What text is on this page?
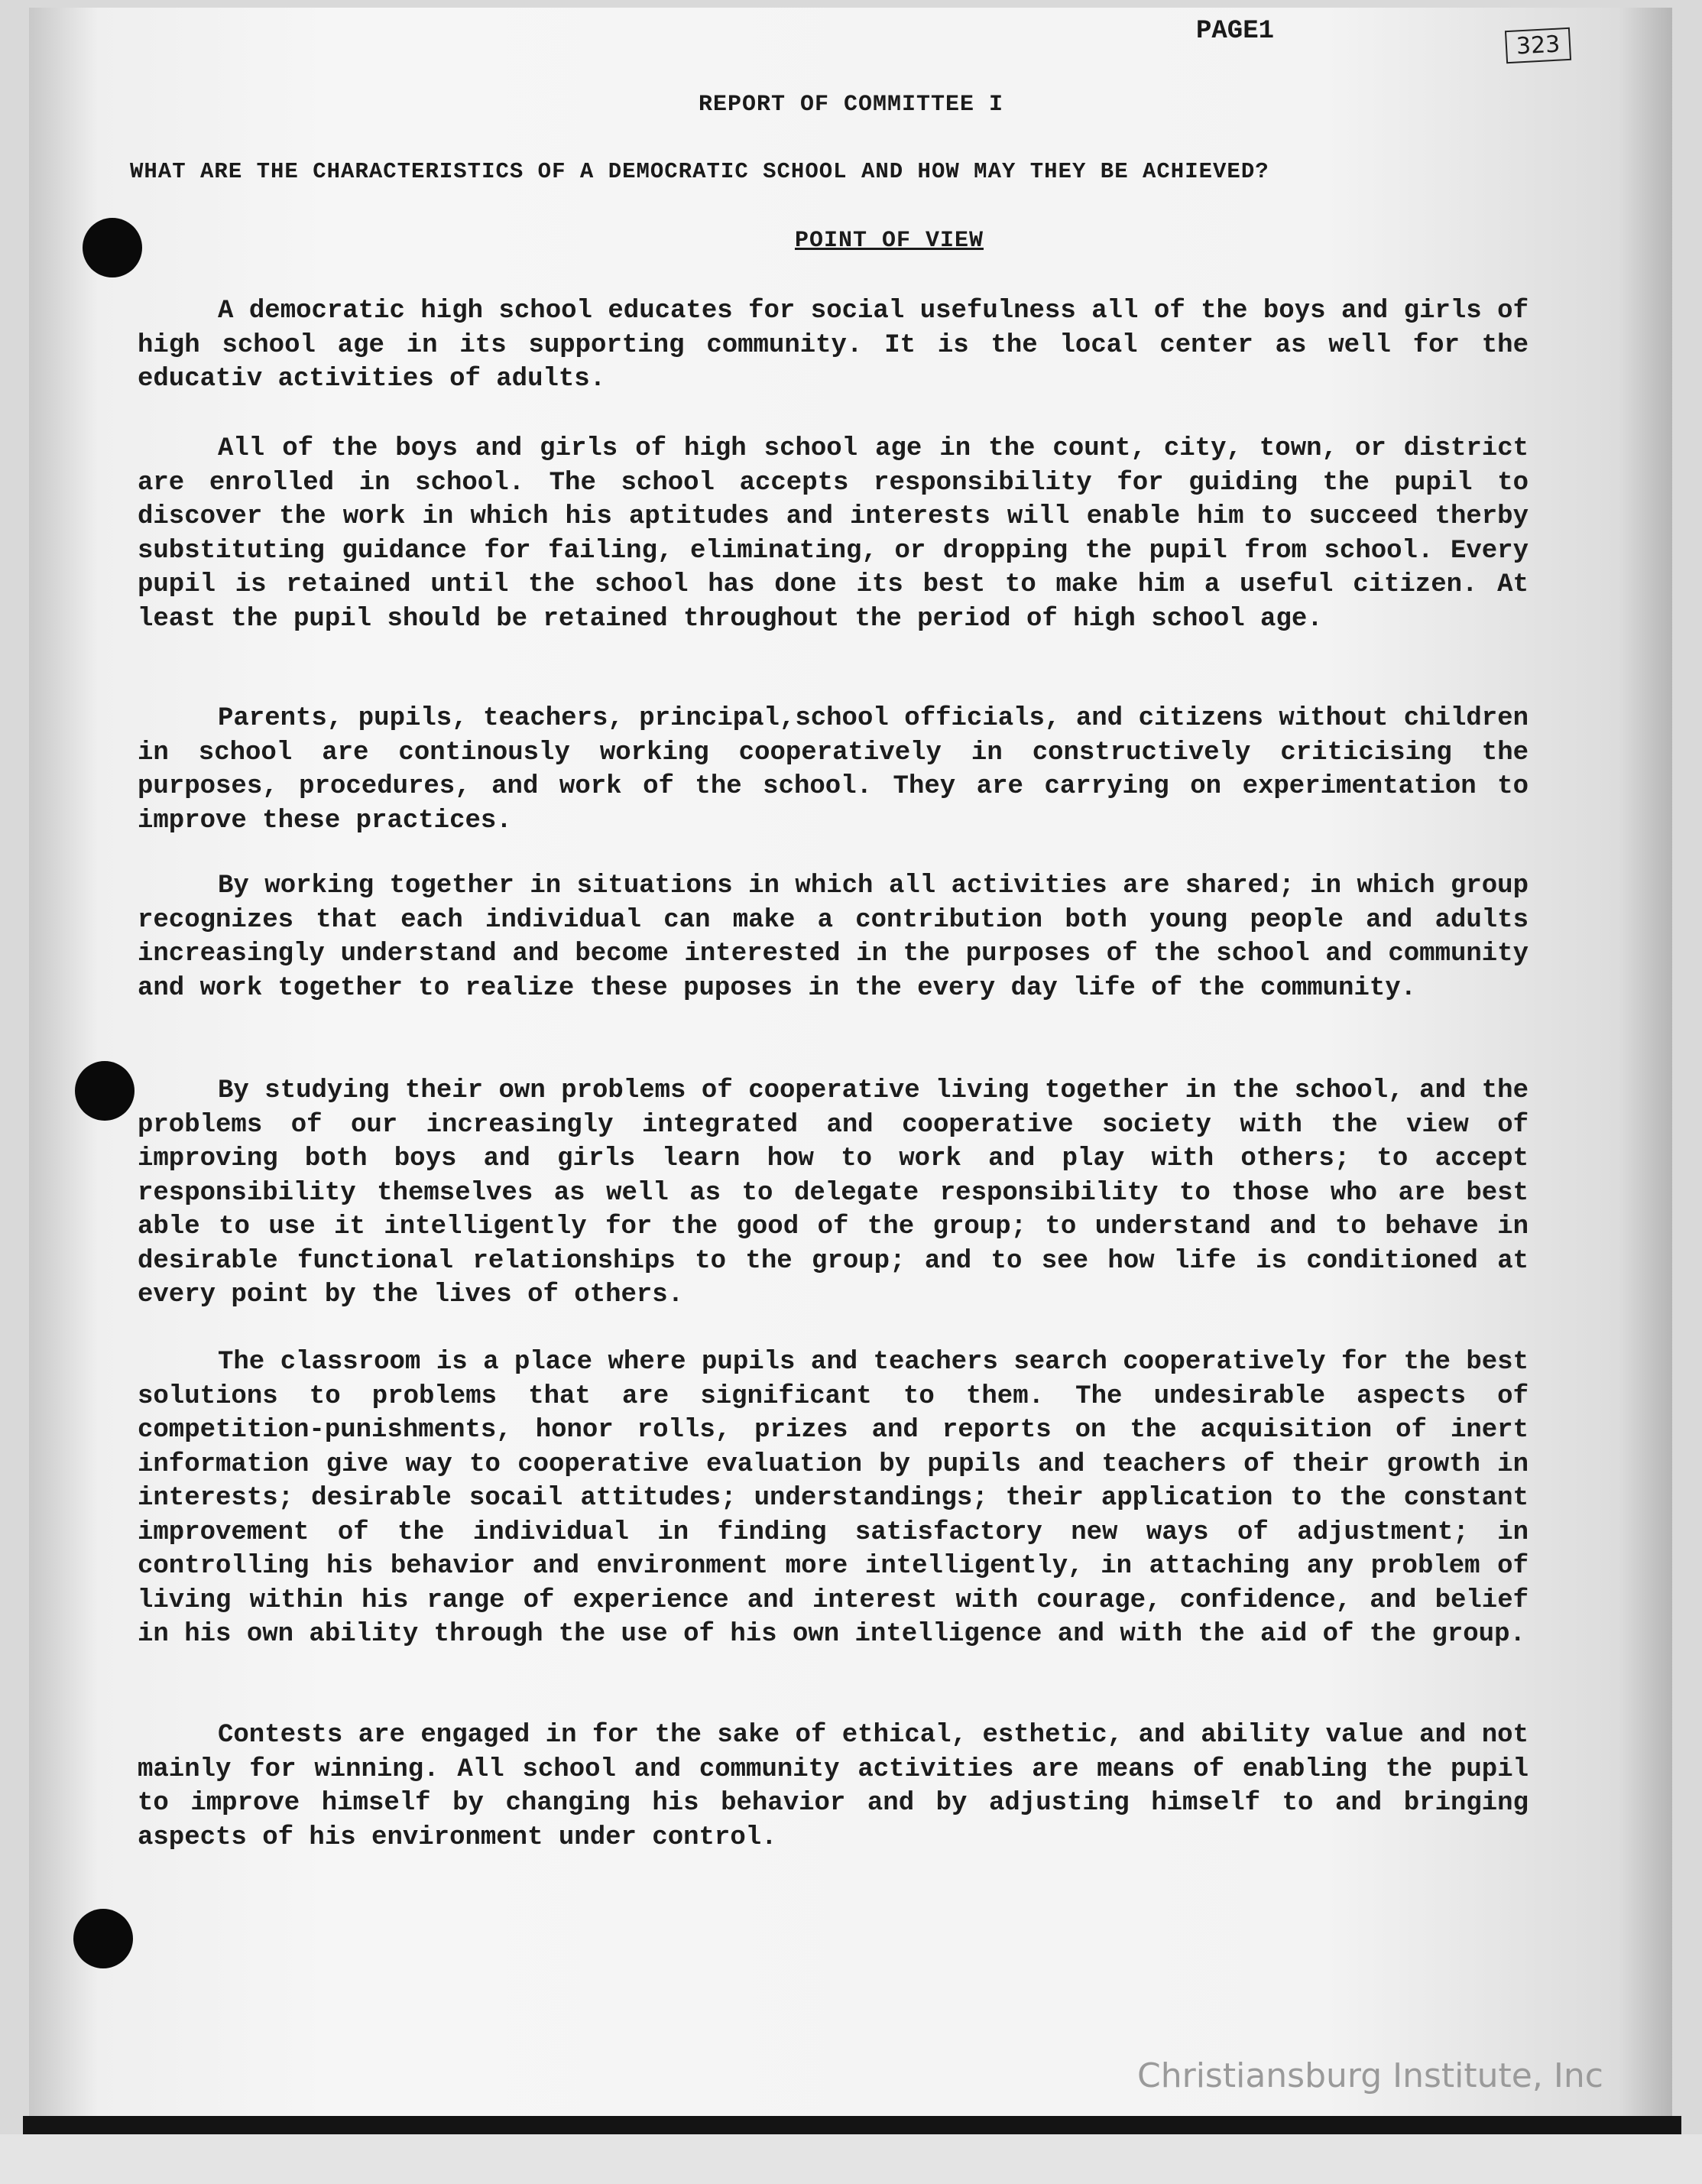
PAGE1	323
REPORT OF COMMITTEE I
WHAT ARE THE CHARACTERISTICS OF A DEMOCRATIC SCHOOL AND HOW MAY THEY BE ACHIEVED?
POINT OF VIEW

A democratic high school educates for social usefulness all of the boys and girls of high school age in its supporting community. It is the local center as well for the educativ activities of adults.

All of the boys and girls of high school age in the count, city, town, or district are enrolled in school. The school accepts responsibility for guiding the pupil to discover the work in which his aptitudes and interests will enable him to succeed therby substituting guidance for failing, eliminating, or dropping the pupil from school. Every pupil is retained until the school has done its best to make him a useful citizen. At least the pupil should be retained throughout the period of high school age.

Parents, pupils, teachers, principal,school officials, and citizens without children in school are continously working cooperatively in constructively criticising the purposes, procedures, and work of the school. They are carrying on experimentation to improve these practices.

By working together in situations in which all activities are shared; in which group recognizes that each individual can make a contribution both young people and adults increasingly understand and become interested in the purposes of the school and community and work together to realize these puposes in the every day life of the community.

By studying their own problems of cooperative living together in the school, and the problems of our increasingly integrated and cooperative society with the view of improving both boys and girls learn how to work and play with others; to accept responsibility themselves as well as to delegate responsibility to those who are best able to use it intelligently for the good of the group; to understand and to behave in desirable functional relationships to the group; and to see how life is conditioned at every point by the lives of others.

The classroom is a place where pupils and teachers search cooperatively for the best solutions to problems that are significant to them. The undesirable aspects of competition-punishments, honor rolls, prizes and reports on the acquisition of inert information give way to cooperative evaluation by pupils and teachers of their growth in interests; desirable socail attitudes; understandings; their application to the constant improvement of the individual in finding satisfactory new ways of adjustment; in controlling his behavior and environment more intelligently, in attaching any problem of living within his range of experience and interest with courage, confidence, and belief in his own ability through the use of his own intelligence and with the aid of the group.

Contests are engaged in for the sake of ethical, esthetic, and ability value and not mainly for winning. All school and community activities are means of enabling the pupil to improve himself by changing his behavior and by adjusting himself to and bringing aspects of his environment under control.

Christiansburg Institute, Inc
